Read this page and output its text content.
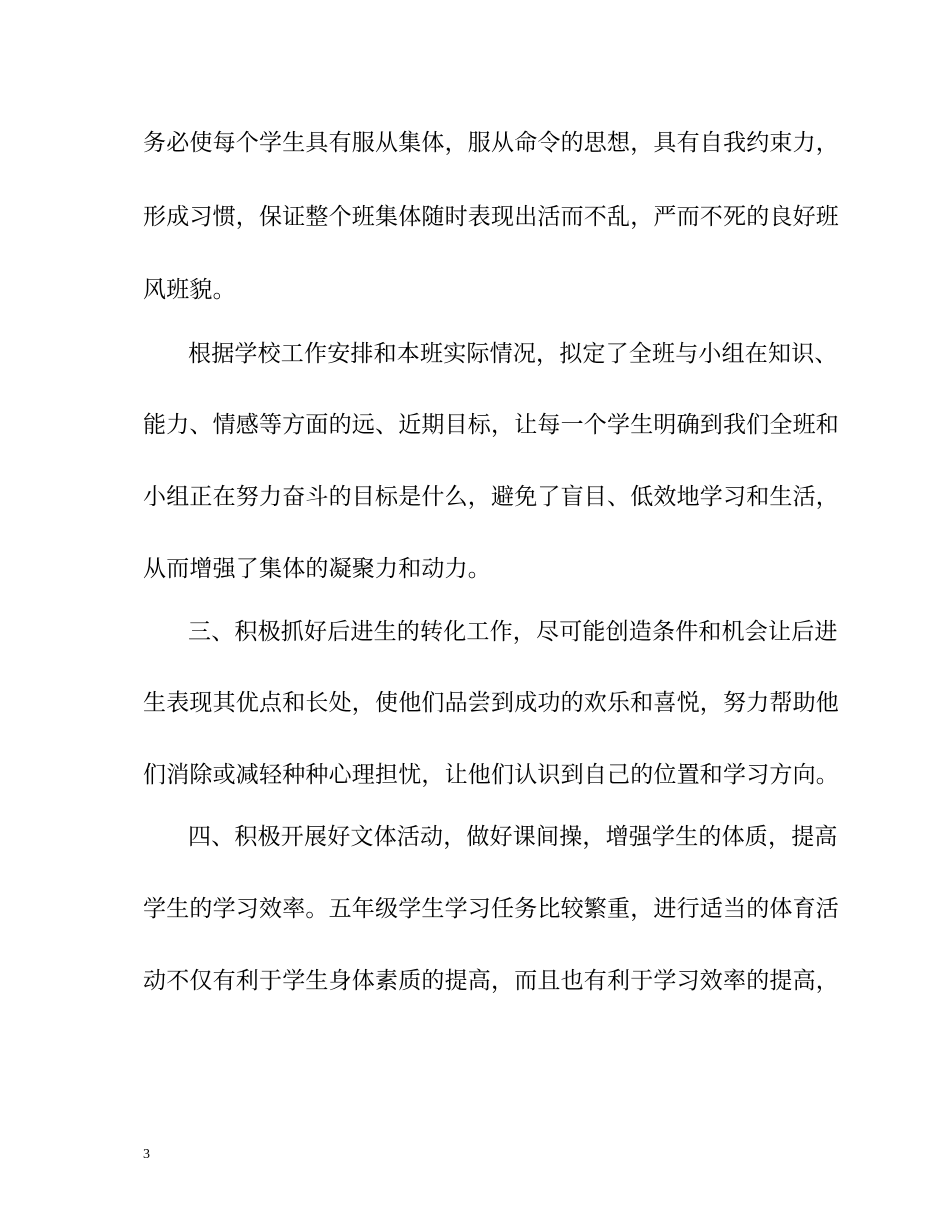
务必使每个学生具有服从集体，服从命令的思想，具有自我约束力，
形成习惯，保证整个班集体随时表现出活而不乱，严而不死的良好班
风班貌。
根据学校工作安排和本班实际情况，拟定了全班与小组在知识、
能力、情感等方面的远、近期目标，让每一个学生明确到我们全班和
小组正在努力奋斗的目标是什么，避免了盲目、低效地学习和生活，
从而增强了集体的凝聚力和动力。
三、积极抓好后进生的转化工作，尽可能创造条件和机会让后进
生表现其优点和长处，使他们品尝到成功的欢乐和喜悦，努力帮助他
们消除或减轻种种心理担忧，让他们认识到自己的位置和学习方向。
四、积极开展好文体活动，做好课间操，增强学生的体质，提高
学生的学习效率。五年级学生学习任务比较繁重，进行适当的体育活
动不仅有利于学生身体素质的提高，而且也有利于学习效率的提高，
3
